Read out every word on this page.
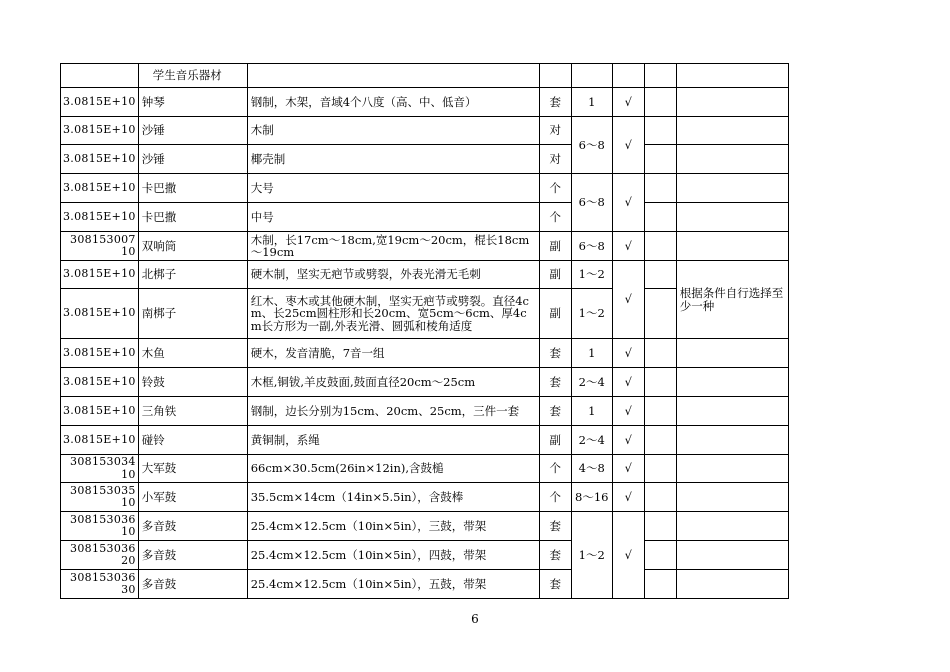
	学生音乐器材						
3.0815E+10	钟琴	钢制，木架，音域4个八度（高、中、低音）	套	1	√		
3.0815E+10	沙锤	木制	对	6～8	√		
3.0815E+10	沙锤	椰壳制	对				
3.0815E+10	卡巴撒	大号	个	6～8	√		
3.0815E+10	卡巴撒	中号	个				
30815300710	双响筒	木制，长17cm～18cm,宽19cm～20cm，棍长18cm～19cm	副	6～8	√		
3.0815E+10	北梆子	硬木制，坚实无疤节或劈裂，外表光滑无毛刺	副	1～2	√		根据条件自行选择至少一种
3.0815E+10	南梆子	红木、枣木或其他硬木制，坚实无疤节或劈裂。直径4cm、长25cm圆柱形和长20cm、宽5cm～6cm、厚4cm长方形为一副,外表光滑、圆弧和棱角适度	副	1～2			
3.0815E+10	木鱼	硬木，发音清脆，7音一组	套	1	√		
3.0815E+10	铃鼓	木框,铜钹,羊皮鼓面,鼓面直径20cm～25cm	套	2～4	√		
3.0815E+10	三角铁	钢制，边长分别为15cm、20cm、25cm，三件一套	套	1	√		
3.0815E+10	碰铃	黄铜制，系绳	副	2～4	√		
30815303410	大军鼓	66cm×30.5cm(26in×12in),含鼓槌	个	4～8	√		
30815303510	小军鼓	35.5cm×14cm（14in×5.5in），含鼓棒	个	8～16	√		
30815303610	多音鼓	25.4cm×12.5cm（10in×5in），三鼓，带架	套	1～2	√		
30815303620	多音鼓	25.4cm×12.5cm（10in×5in），四鼓，带架	套				
30815303630	多音鼓	25.4cm×12.5cm（10in×5in），五鼓，带架	套				
6
